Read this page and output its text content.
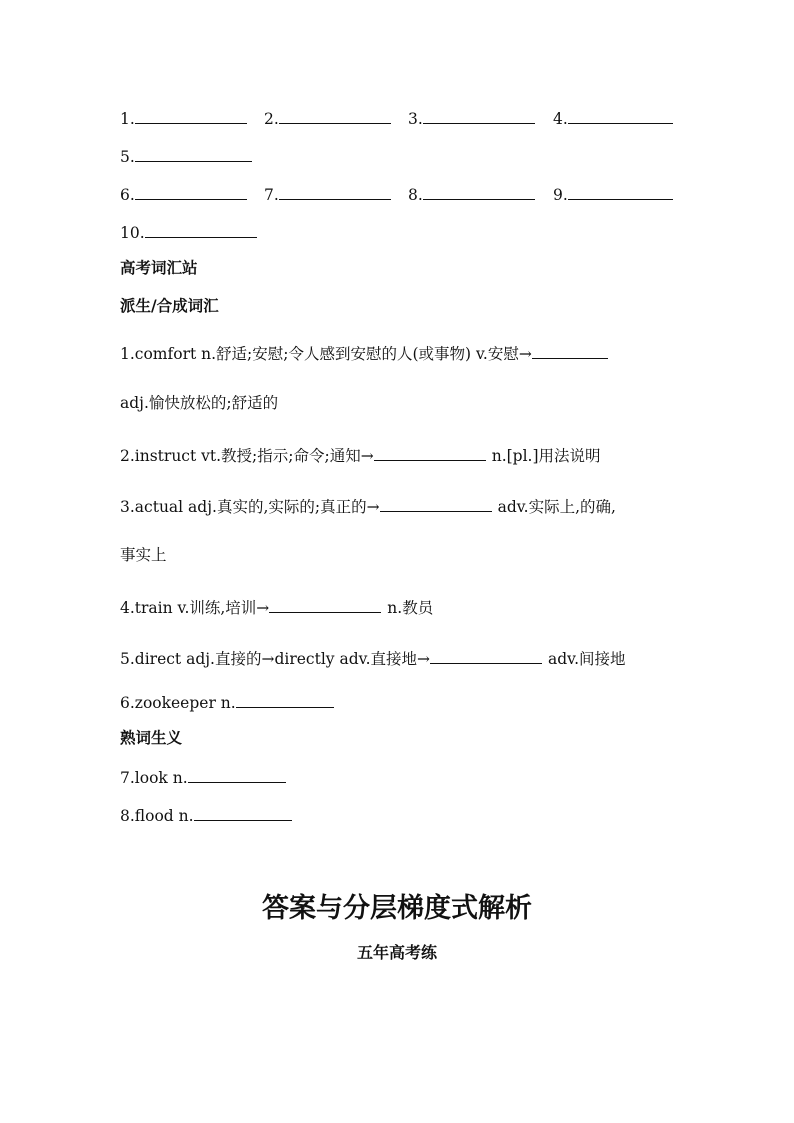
1.	2.	3.	4.
5.
6.	7.	8.	9.
10.
高考词汇站
派生/合成词汇
1.comfort n.舒适;安慰;令人感到安慰的人(或事物) v.安慰→
adj.愉快放松的;舒适的
2.instruct vt.教授;指示;命令;通知→	n.[pl.]用法说明
3.actual adj.真实的,实际的;真正的→	adv.实际上,的确,
事实上
4.train v.训练,培训→	n.教员
5.direct adj.直接的→directly adv.直接地→	adv.间接地
6.zookeeper n.
熟词生义
7.look n.
8.flood n.
答案与分层梯度式解析
五年高考练
